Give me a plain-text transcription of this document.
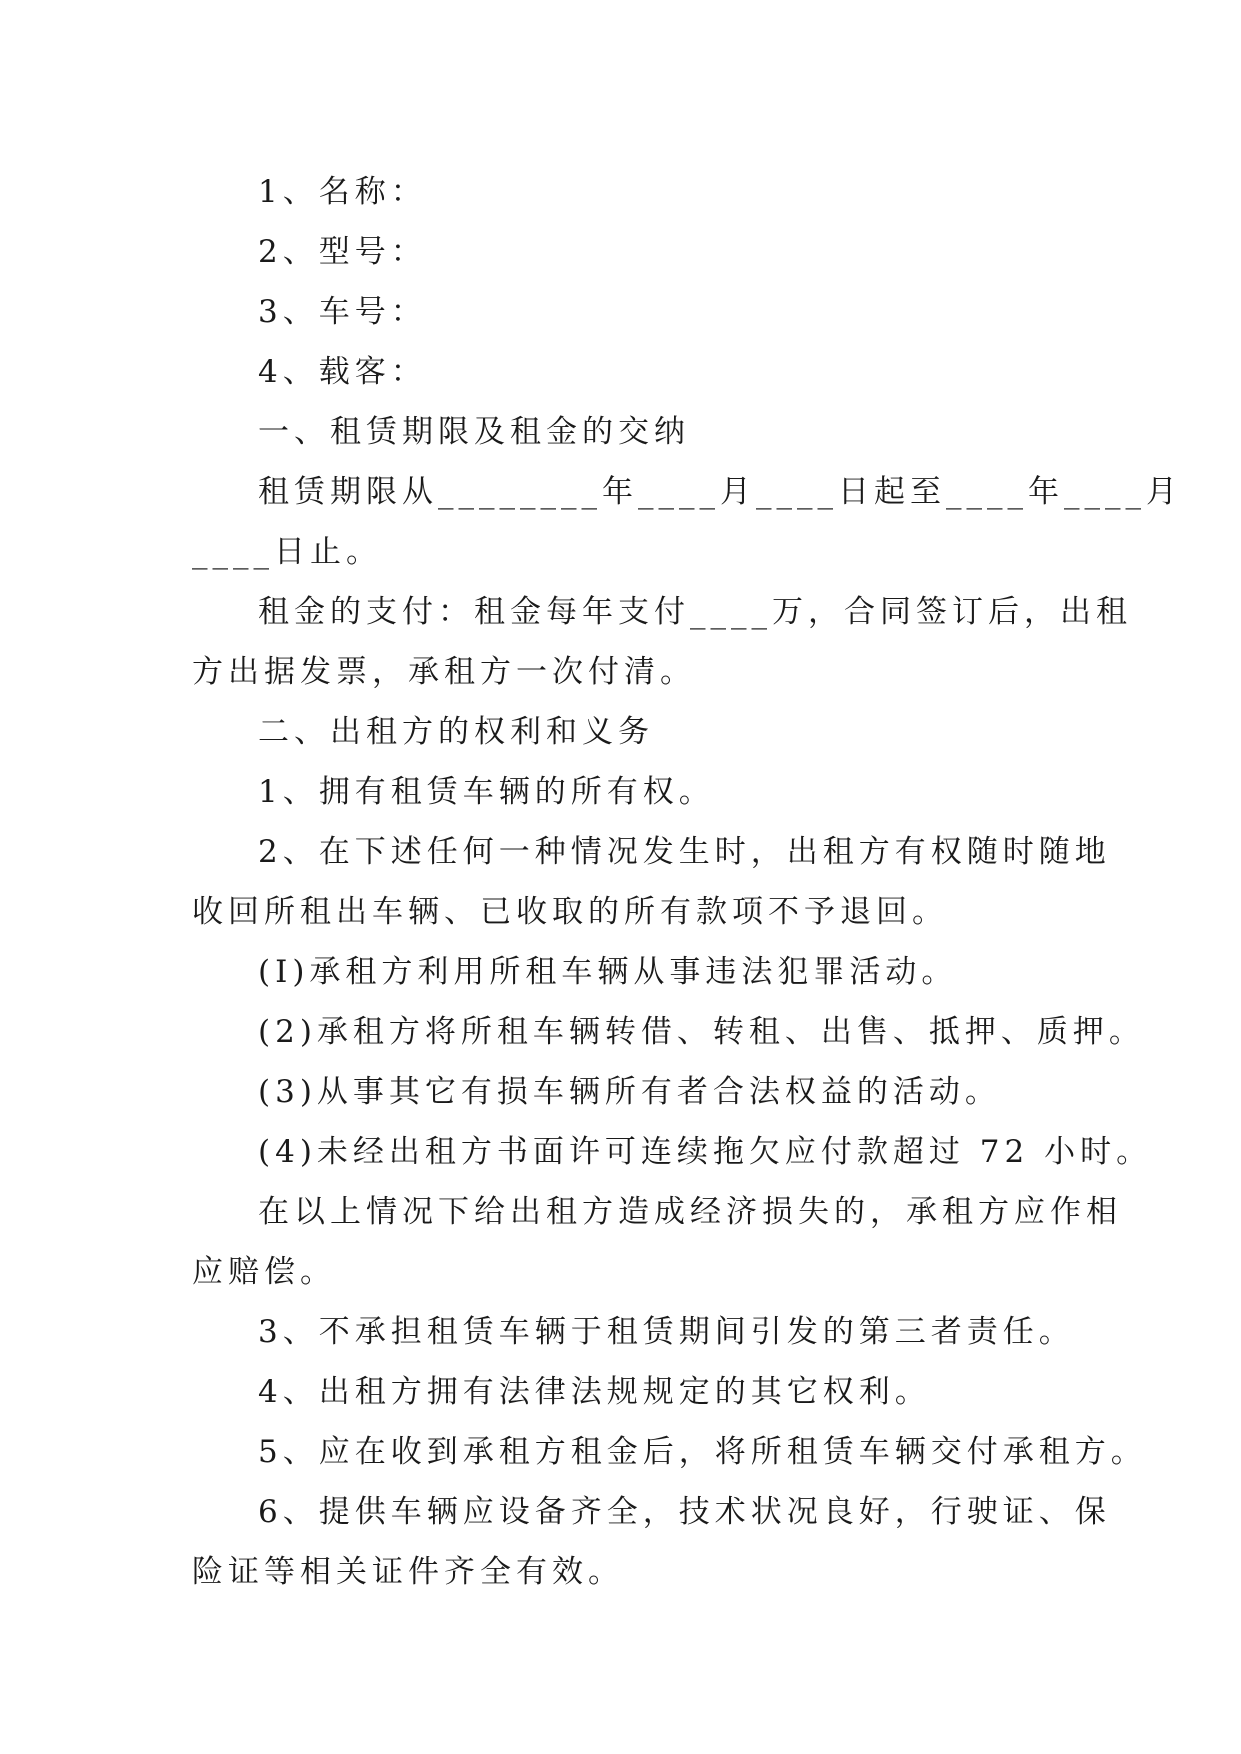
1、名称：
2、型号：
3、车号：
4、载客：
一、租赁期限及租金的交纳
租赁期限从________年____月____日起至____年____月
____日止。
租金的支付：租金每年支付____万，合同签订后，出租
方出据发票，承租方一次付清。
二、出租方的权利和义务
1、拥有租赁车辆的所有权。
2、在下述任何一种情况发生时，出租方有权随时随地
收回所租出车辆、已收取的所有款项不予退回。
(I)承租方利用所租车辆从事违法犯罪活动。
(2)承租方将所租车辆转借、转租、出售、抵押、质押。
(3)从事其它有损车辆所有者合法权益的活动。
(4)未经出租方书面许可连续拖欠应付款超过 72 小时。
在以上情况下给出租方造成经济损失的，承租方应作相
应赔偿。
3、不承担租赁车辆于租赁期间引发的第三者责任。
4、出租方拥有法律法规规定的其它权利。
5、应在收到承租方租金后，将所租赁车辆交付承租方。
6、提供车辆应设备齐全，技术状况良好，行驶证、保
险证等相关证件齐全有效。
